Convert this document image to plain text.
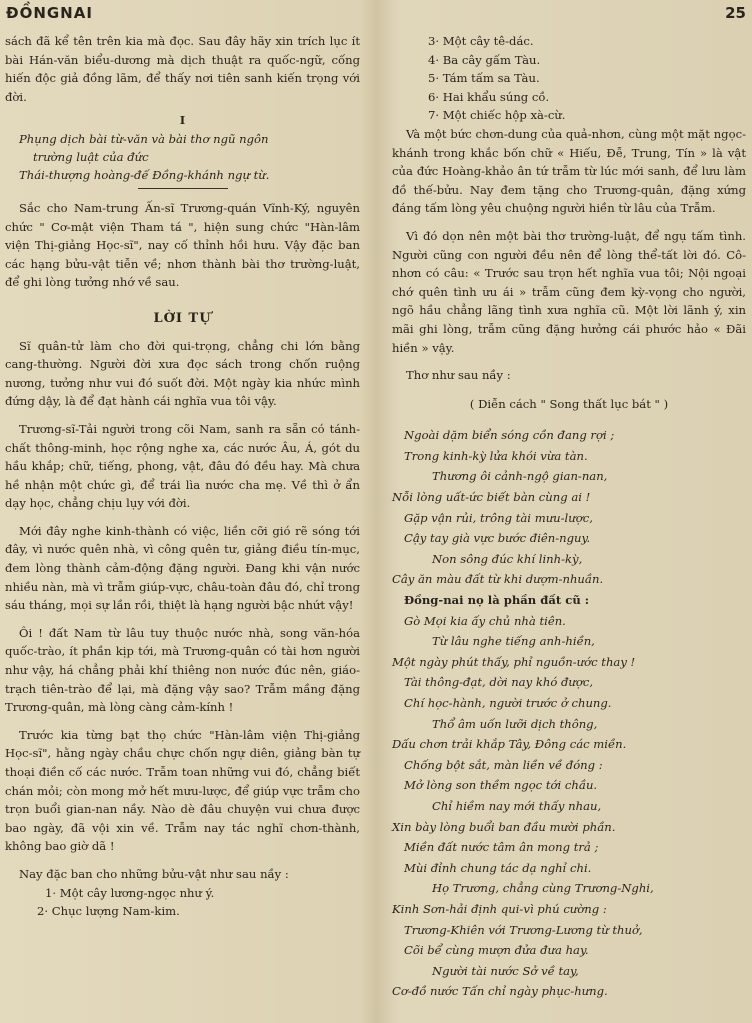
ĐỒNGNAI	25

sách đã kể tên trên kia mà đọc. Sau đây hãy xin trích lục ít bài Hán-văn biểu-dương mà dịch thuật ra quốc-ngữ, cống hiến độc giả đồng lãm, để thấy nơi tiên sanh kiến trọng với đời.

I
Phụng dịch bài từ-văn và bài thơ ngũ ngôn
trường luật của đức
Thái-thượng hoàng-đế Đồng-khánh ngự từ.

Sắc cho Nam-trung Ấn-sĩ Trương-quán Vĩnh-Ký, nguyên chức " Cơ-mật viện Tham tá ", hiện sung chức "Hàn-lâm viện Thị-giảng Học-sĩ", nay cố thỉnh hồi hưu. Vậy đặc ban các hạng bửu-vật tiễn về; nhơn thành bài thơ trường-luật, để ghi lòng tưởng nhớ về sau.

LỜI TỰ

Sĩ quân-tử làm cho đời qui-trọng, chẳng chi lớn bằng cang-thường. Người đời xưa đọc sách trong chốn ruộng nương, tưởng như vui đó suốt đời. Một ngày kia nhức mình đứng dậy, là để đạt hành cái nghĩa vua tôi vậy.

Trương-sĩ-Tải người trong cõi Nam, sanh ra sẵn có tánh-chất thông-minh, học rộng nghe xa, các nước Âu, Á, gót du hầu khắp; chữ, tiếng, phong, vật, đâu đó đều hay. Mà chưa hề nhận một chức gì, để trái lìa nước cha mẹ. Về thì ở ẩn dạy học, chẳng chịu lụy với đời.

Mới đây nghe kinh-thành có việc, liền cỡi gió rẽ sóng tới đây, vì nước quên nhà, vì công quên tư, giảng điều tín-mục, đem lòng thành cảm-động đặng người. Đang khi vận nước nhiều nàn, mà vì trẫm giúp-vực, châu-toàn đâu đó, chỉ trong sáu tháng, mọi sự lần rồi, thiệt là hạng người bậc nhứt vậy!

Ôi ! đất Nam từ lâu tuy thuộc nước nhà, song văn-hóa quốc-trào, ít phần kịp tới, mà Trương-quân có tài hơn người như vậy, há chẳng phải khí thiêng non nước đúc nên, giáo-trạch tiên-trào để lại, mà đặng vậy sao? Trẫm mầng đặng Trương-quân, mà lòng càng cảm-kính !

Trước kia từng bạt thọ chức "Hàn-lâm viện Thị-giảng Học-sĩ", hằng ngày chầu chực chốn ngự diên, giảng bàn tự thoại điền cố các nước. Trẫm toan những vui đó, chẳng biết chán mỏi; còn mong mở hết mưu-lược, để giúp vực trẫm cho trọn buổi gian-nan nầy. Nào dè đâu chuyện vui chưa được bao ngày, đã vội xin về. Trẫm nay tác nghĩ chơn-thành, không bao giờ dã !

Nay đặc ban cho những bửu-vật như sau nầy :

1· Một cây lương-ngọc như ý.
2· Chục lượng Nam-kim.
3· Một cây tê-dác.
4· Ba cây gấm Tàu.
5· Tám tấm sa Tàu.
6· Hai khẩu súng cồ.
7· Một chiếc hộp xà-cừ.

Và một bức chơn-dung của quả-nhơn, cùng một mặt ngọc-khánh trong khắc bốn chữ « Hiếu, Đễ, Trung, Tín » là vật của đức Hoàng-khảo ân tứ trẫm từ lúc mới sanh, để lưu làm đồ thế-bửu. Nay đem tặng cho Trương-quân, đặng xứng đáng tấm lòng yêu chuộng người hiền từ lâu của Trẫm.

Vì đó dọn nên một bài thơ trường-luật, để ngụ tấm tình. Người cũng con người đều nên để lòng thể-tất lời đó. Cô-nhơn có câu: « Trước sau trọn hết nghĩa vua tôi; Nội ngoại chớ quên tình ưu ái » trẫm cũng đem kỳ-vọng cho người, ngõ hầu chẳng lãng tình xưa nghĩa cũ. Một lời lãnh ý, xin mãi ghi lòng, trẫm cũng đặng hưởng cái phước hảo « Đãi hiền » vậy.

Thơ như sau nầy :

( Diễn cách " Song thất lục bát " )
Ngoài dặm biển sóng cồn đang rợi ;
Trong kinh-kỳ lửa khói vừa tàn.
Thương ôi cảnh-ngộ gian-nan,
Nỗi lòng uất-ức biết bàn cùng ai !
Gặp vận rủi, trông tài mưu-lược,
Cậy tay già vực bước điên-nguy.
Non sông đúc khí linh-kỳ,
Cây ăn màu đất từ khi dượm-nhuần.
Đồng-nai nọ là phần đất cũ :
Gò Mọi kia ấy chủ nhà tiên.
Từ lâu nghe tiếng anh-hiền,
Một ngày phút thấy, phỉ nguồn-ước thay !
Tài thông-đạt, dời nay khó được,
Chí học-hành, người trước ở chung.
Thổ âm uốn lưỡi dịch thông,
Dấu chơn trải khắp Tây, Đông các miền.
Chống bột sắt, màn liền về đóng :
Mở lòng son thềm ngọc tới chầu.
Chỉ hiềm nay mới thấy nhau,
Xin bày lòng buổi ban đầu mười phần.
Miền đất nước tâm ân mong trả ;
Mùi đỉnh chung tác dạ nghỉ chi.
Họ Trương, chẳng cùng Trương-Nghi,
Kinh Sơn-hải định qui-vì phú cường :
Trương-Khiên với Trương-Lương từ thuở,
Cõi bể cùng mượn đửa đưa hay.
Người tài nước Sở về tay,
Cơ-đồ nước Tấn chỉ ngày phục-hưng.
